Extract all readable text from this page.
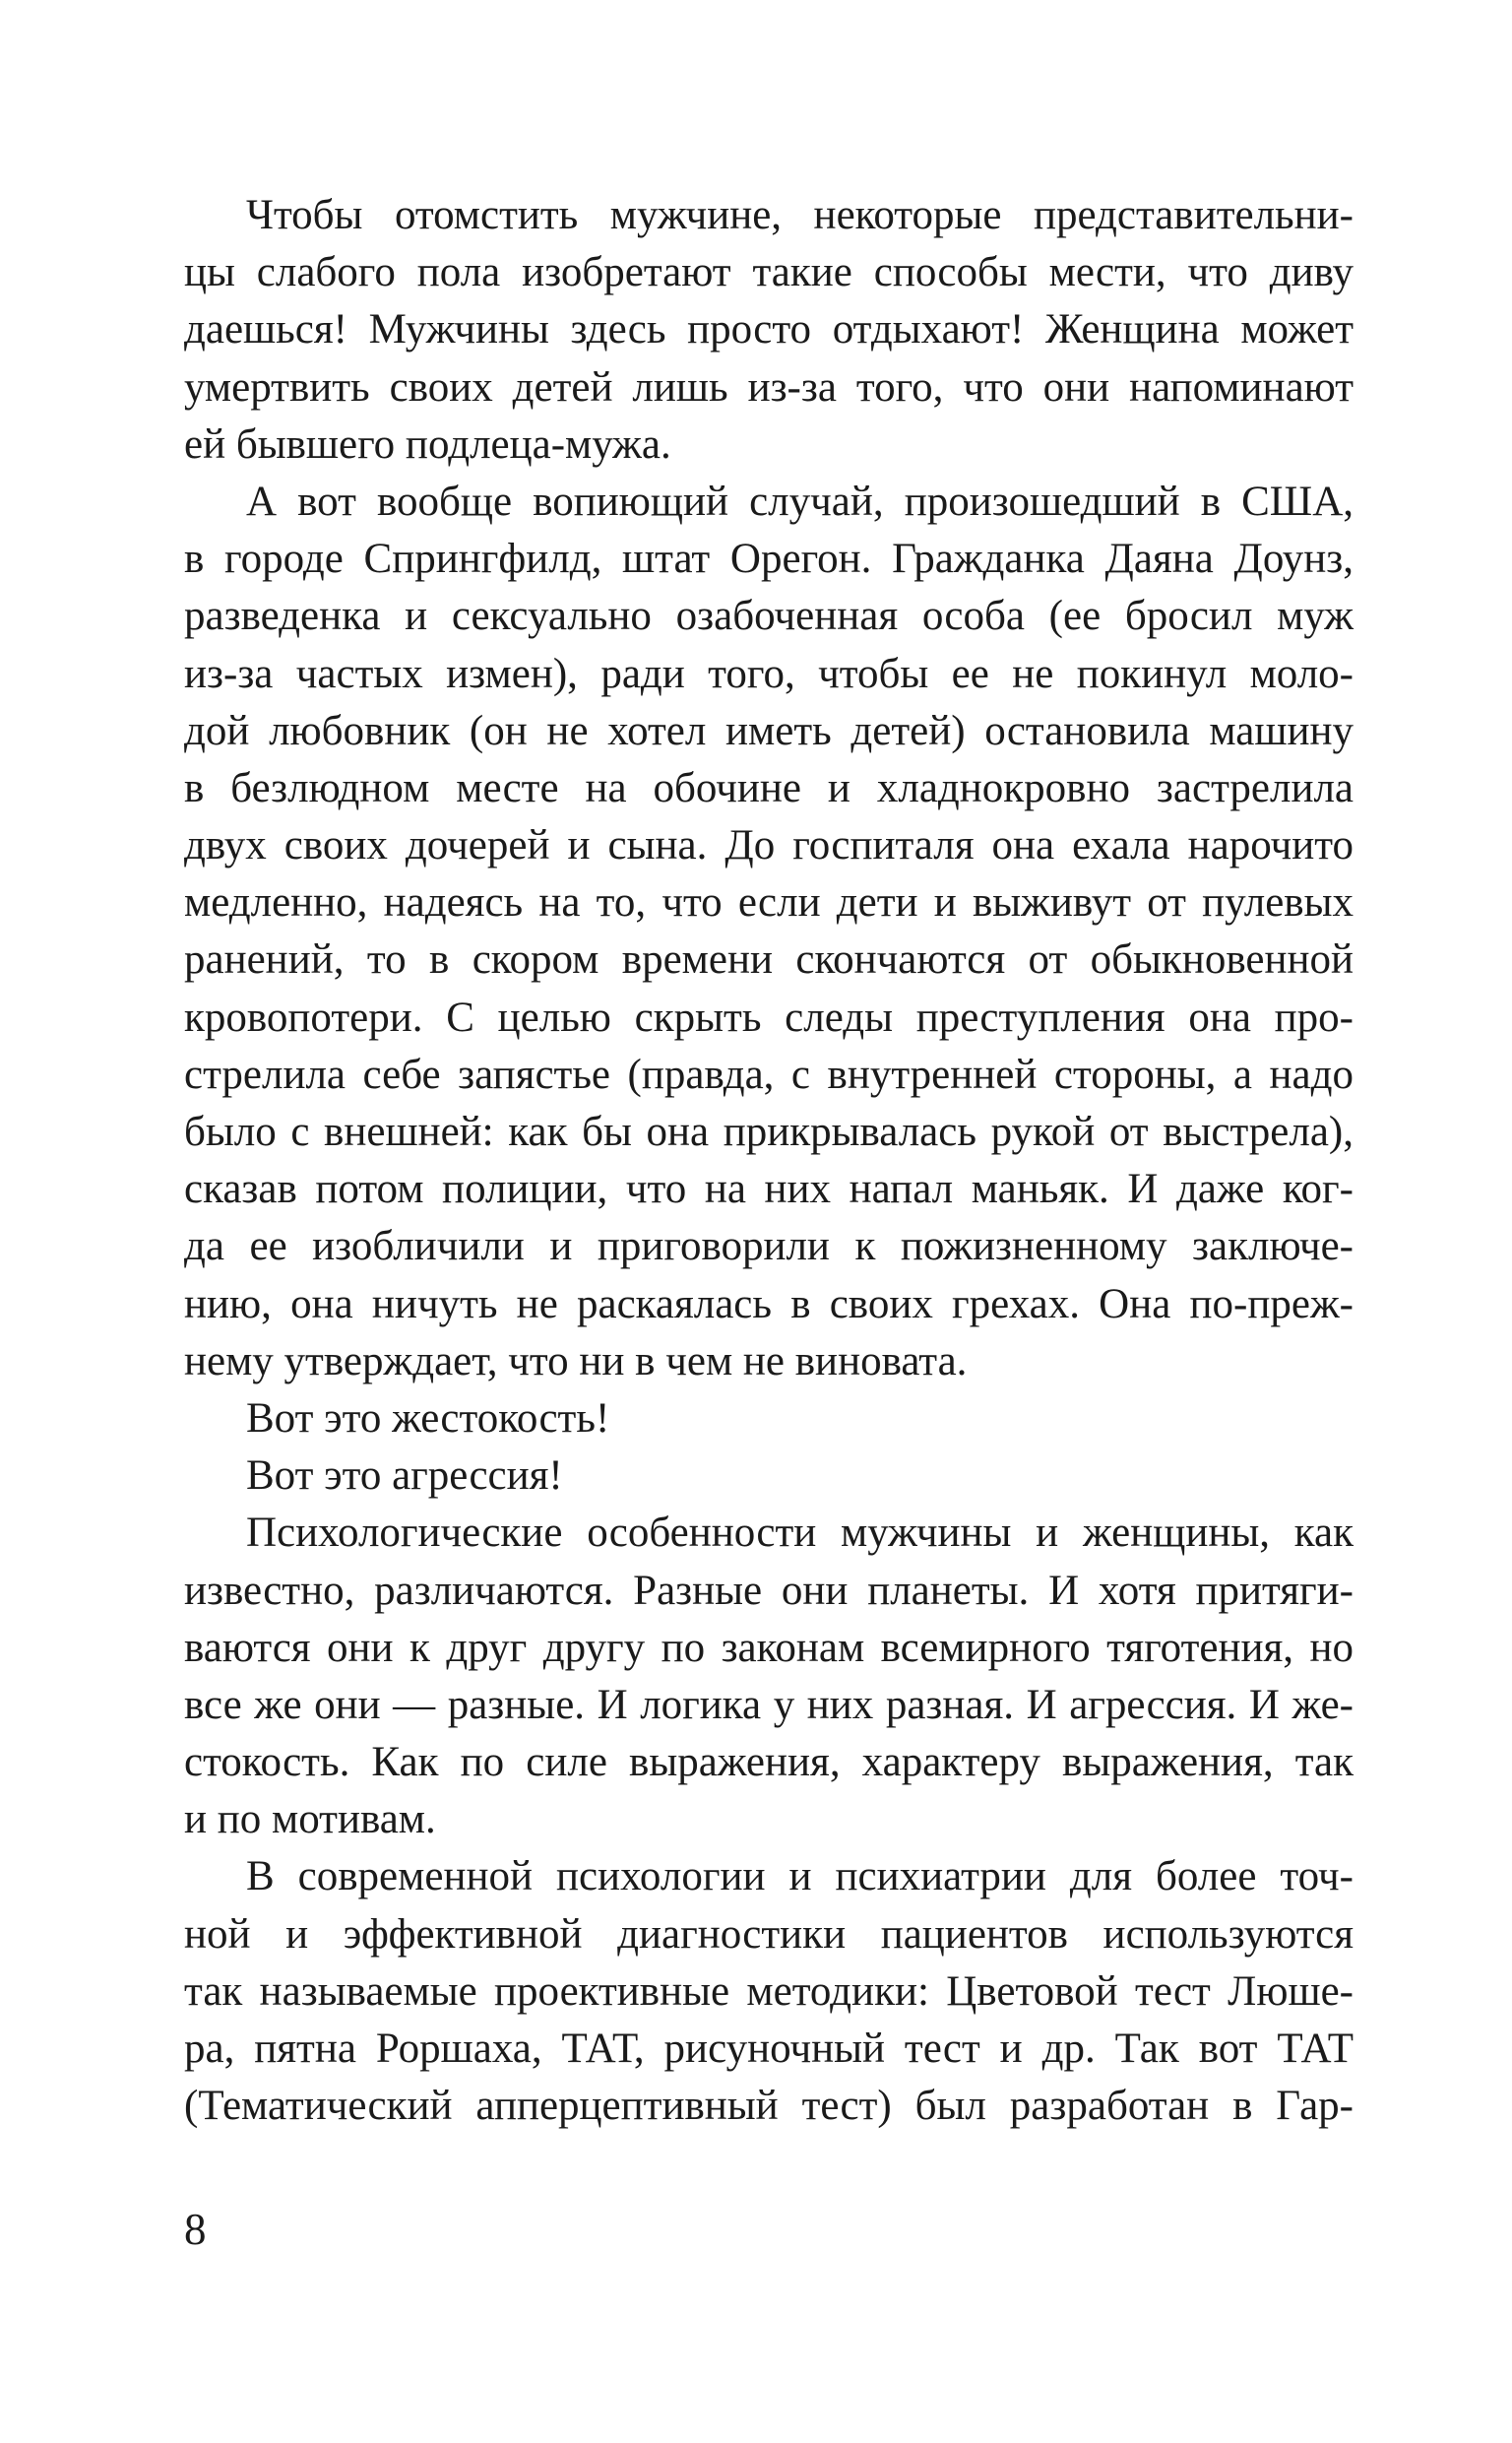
Чтобы отомстить мужчине, некоторые представительни-
цы слабого пола изобретают такие способы мести, что диву
даешься! Мужчины здесь просто отдыхают! Женщина может
умертвить своих детей лишь из-за того, что они напоминают
ей бывшего подлеца-мужа.
А вот вообще вопиющий случай, произошедший в США,
в городе Спрингфилд, штат Орегон. Гражданка Даяна Доунз,
разведенка и сексуально озабоченная особа (ее бросил муж
из-за частых измен), ради того, чтобы ее не покинул моло-
дой любовник (он не хотел иметь детей) остановила машину
в безлюдном месте на обочине и хладнокровно застрелила
двух своих дочерей и сына. До госпиталя она ехала нарочито
медленно, надеясь на то, что если дети и выживут от пулевых
ранений, то в скором времени скончаются от обыкновенной
кровопотери. С целью скрыть следы преступления она про-
стрелила себе запястье (правда, с внутренней стороны, а надо
было с внешней: как бы она прикрывалась рукой от выстрела),
сказав потом полиции, что на них напал маньяк. И даже ког-
да ее изобличили и приговорили к пожизненному заключе-
нию, она ничуть не раскаялась в своих грехах. Она по-преж-
нему утверждает, что ни в чем не виновата.
Вот это жестокость!
Вот это агрессия!
Психологические особенности мужчины и женщины, как
известно, различаются. Разные они планеты. И хотя притяги-
ваются они к друг другу по законам всемирного тяготения, но
все же они — разные. И логика у них разная. И агрессия. И же-
стокость. Как по силе выражения, характеру выражения, так
и по мотивам.
В современной психологии и психиатрии для более точ-
ной и эффективной диагностики пациентов используются
так называемые проективные методики: Цветовой тест Люше-
ра, пятна Роршаха, ТАТ, рисуночный тест и др. Так вот ТАТ
(Тематический апперцептивный тест) был разработан в Гар-
8
